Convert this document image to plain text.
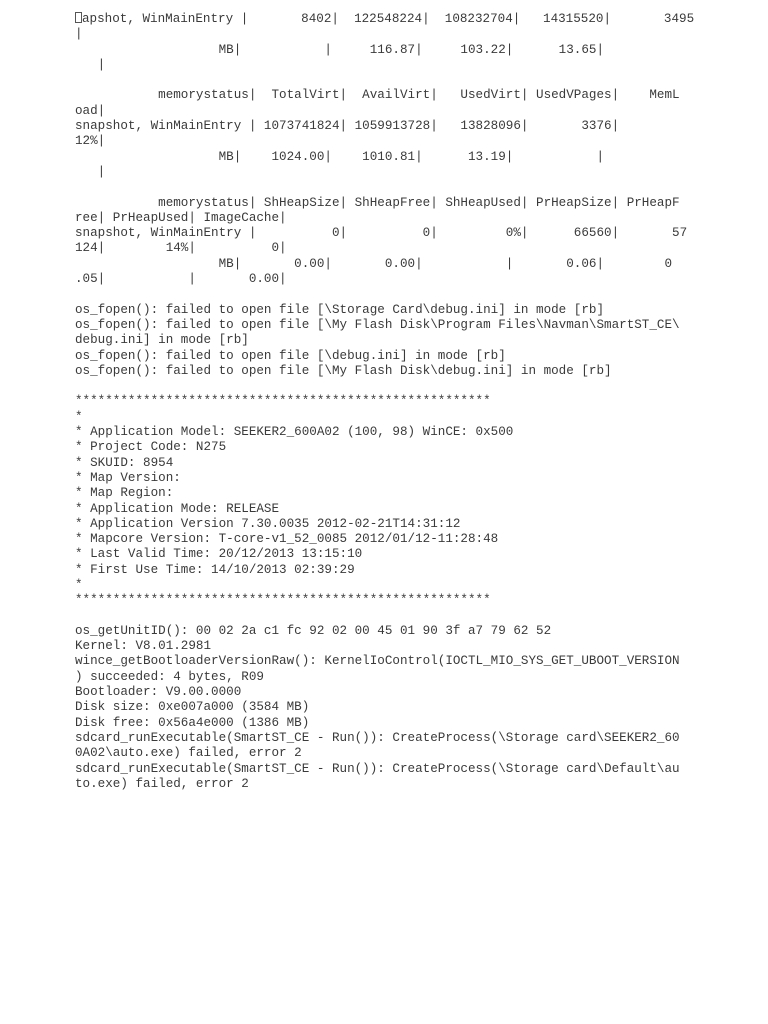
apshot, WinMainEntry |       8402|  122548224|  108232704|   14315520|       3495
|
MB|           |     116.87|     103.22|      13.65|
|
memorystatus|  TotalVirt|  AvailVirt|   UsedVirt| UsedVPages|    MemL
oad|
snapshot, WinMainEntry | 1073741824| 1059913728|   13828096|       3376|
12%|
MB|    1024.00|    1010.81|      13.19|           |
|
memorystatus| ShHeapSize| ShHeapFree| ShHeapUsed| PrHeapSize| PrHeapF
ree| PrHeapUsed| ImageCache|
snapshot, WinMainEntry |          0|          0|         0%|      66560|       57
124|        14%|          0|
MB|       0.00|       0.00|           |       0.06|        0
.05|           |       0.00|
os_fopen(): failed to open file [\Storage Card\debug.ini] in mode [rb]
os_fopen(): failed to open file [\My Flash Disk\Program Files\Navman\SmartST_CE\
debug.ini] in mode [rb]
os_fopen(): failed to open file [\debug.ini] in mode [rb]
os_fopen(): failed to open file [\My Flash Disk\debug.ini] in mode [rb]
*******************************************************
*
* Application Model: SEEKER2_600A02 (100, 98) WinCE: 0x500
* Project Code: N275
* SKUID: 8954
* Map Version:
* Map Region:
* Application Mode: RELEASE
* Application Version 7.30.0035 2012-02-21T14:31:12
* Mapcore Version: T-core-v1_52_0085 2012/01/12-11:28:48
* Last Valid Time: 20/12/2013 13:15:10
* First Use Time: 14/10/2013 02:39:29
*
*******************************************************
os_getUnitID(): 00 02 2a c1 fc 92 02 00 45 01 90 3f a7 79 62 52
Kernel: V8.01.2981
wince_getBootloaderVersionRaw(): KernelIoControl(IOCTL_MIO_SYS_GET_UBOOT_VERSION
) succeeded: 4 bytes, R09
Bootloader: V9.00.0000
Disk size: 0xe007a000 (3584 MB)
Disk free: 0x56a4e000 (1386 MB)
sdcard_runExecutable(SmartST_CE - Run()): CreateProcess(\Storage card\SEEKER2_60
0A02\auto.exe) failed, error 2
sdcard_runExecutable(SmartST_CE - Run()): CreateProcess(\Storage card\Default\au
to.exe) failed, error 2
